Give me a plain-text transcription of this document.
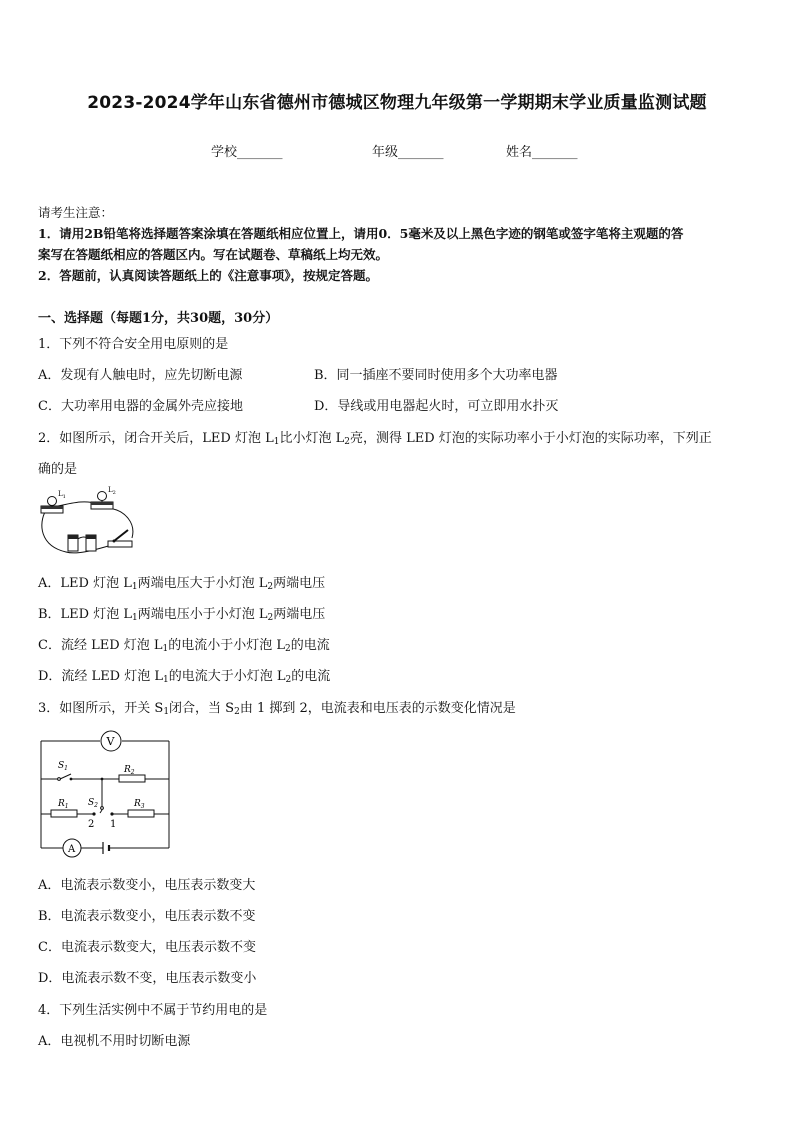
2023-2024学年山东省德州市德城区物理九年级第一学期期末学业质量监测试题
学校_______	年级_______	姓名_______
请考生注意：
1．请用2B铅笔将选择题答案涂填在答题纸相应位置上，请用0．5毫米及以上黑色字迹的钢笔或签字笔将主观题的答
案写在答题纸相应的答题区内。写在试题卷、草稿纸上均无效。
2．答题前，认真阅读答题纸上的《注意事项》，按规定答题。
一、选择题（每题1分，共30题，30分）
1．下列不符合安全用电原则的是
A．发现有人触电时，应先切断电源	B．同一插座不要同时使用多个大功率电器
C．大功率用电器的金属外壳应接地	D．导线或用电器起火时，可立即用水扑灭
2．如图所示，闭合开关后，LED 灯泡 $L_1$比小灯泡 $L_2$亮，测得 LED 灯泡的实际功率小于小灯泡的实际功率，下列正
确的是
$L_1$
$L_2$
A．LED 灯泡 $L_1$两端电压大于小灯泡 $L_2$两端电压
B．LED 灯泡 $L_1$两端电压小于小灯泡 $L_2$两端电压
C．流经 LED 灯泡 $L_1$的电流小于小灯泡 $L_2$的电流
D．流经 LED 灯泡 $L_1$的电流大于小灯泡 $L_2$的电流
3．如图所示，开关 $S_1$闭合，当 $S_2$由 1 掷到 2，电流表和电压表的示数变化情况是
V
A
$S_1$	$R_2$
$R_1$ $S_2$	$R_3$
2 1
A．电流表示数变小，电压表示数变大
B．电流表示数变小，电压表示数不变
C．电流表示数变大，电压表示数不变
D．电流表示数不变，电压表示数变小
4．下列生活实例中不属于节约用电的是
A．电视机不用时切断电源
